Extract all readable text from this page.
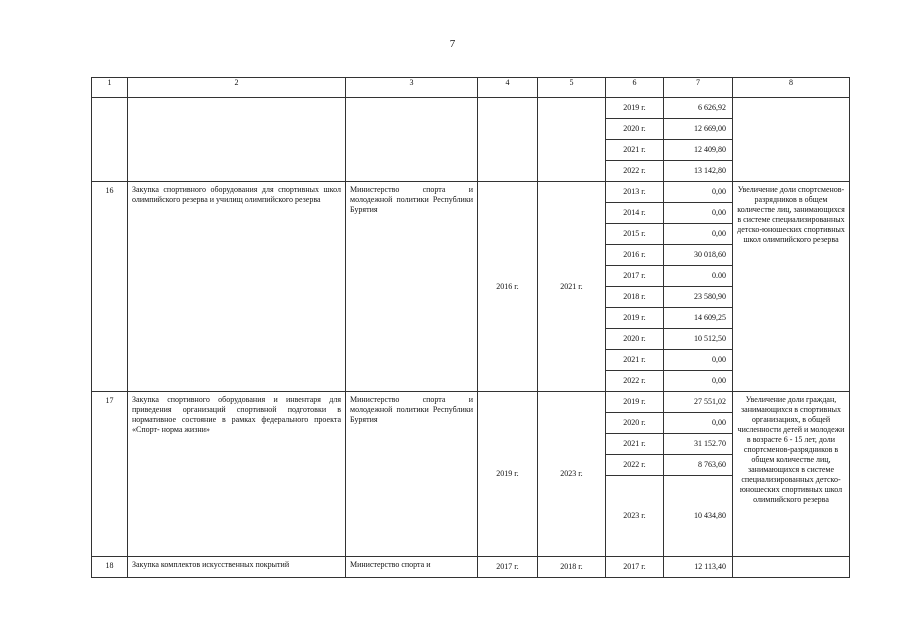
7
1	2	3	4	5	6	7	8
					2019 г.	6 626,92	
					2020 г.	12 669,00	
					2021 г.	12 409,80	
					2022 г.	13 142,80	
16	Закупка спортивного оборудования для спортивных школ олимпийского резерва и училищ олимпийского резерва	Министерство спорта и молодежной политики Республики Бурятия	2016 г.	2021 г.	2013 г.	0,00	Увеличение доли спортсменов-разрядников в общем количестве лиц, занимающихся в системе специализированных детско-юношеских спортивных школ олимпийского резерва
					2014 г.	0,00	
					2015 г.	0,00	
					2016 г.	30 018,60	
					2017 г.	0.00	
					2018 г.	23 580,90	
					2019 г.	14 609,25	
					2020 г.	10 512,50	
					2021 г.	0,00	
					2022 г.	0,00	
17	Закупка спортивного оборудования и инвентаря для приведения организаций спортивной подготовки в нормативное состояние в рамках федерального проекта «Спорт- норма жизни»	Министерство спорта и молодежной политики Республики Бурятия	2019 г.	2023 г.	2019 г.	27 551,02	Увеличение доли граждан, занимающихся в спортивных организациях, в общей численности детей и молодежи в возрасте 6 - 15 лет, доли спортсменов-разрядников в общем количестве лиц, занимающихся в системе специализированных детско-юношеских спортивных школ олимпийского резерва
					2020 г.	0,00	
					2021 г.	31 152.70	
					2022 г.	8 763,60	
					2023 г.	10 434,80	
18	Закупка комплектов искусственных покрытий	Министерство спорта и	2017 г.	2018 г.	2017 г.	12 113,40	
